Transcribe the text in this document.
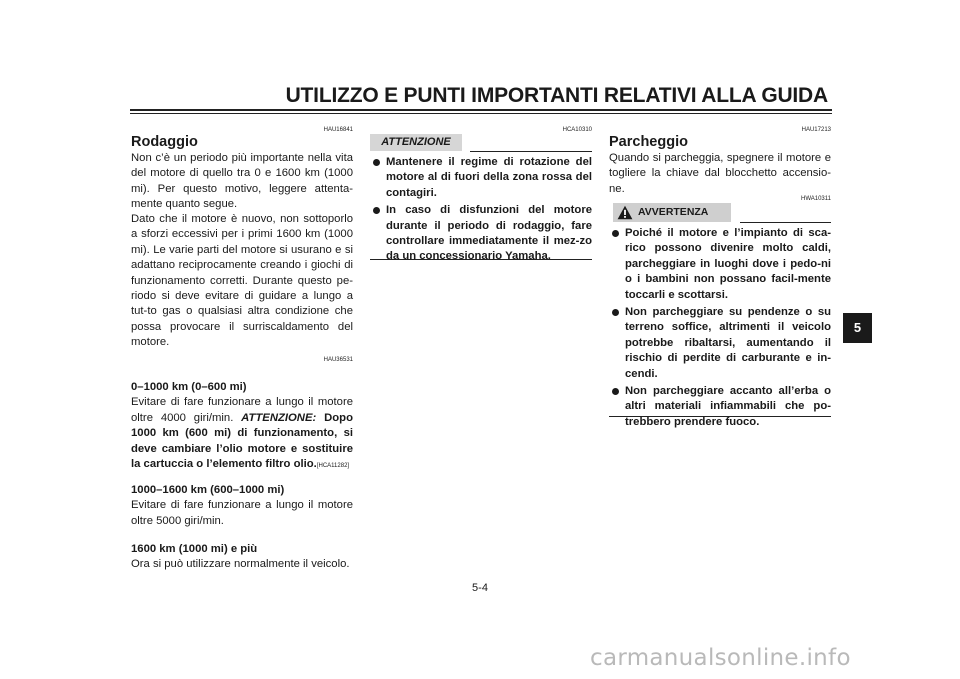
UTILIZZO E PUNTI IMPORTANTI RELATIVI ALLA GUIDA
HAU16841
Rodaggio
Non c’è un periodo più importante nella vita del motore di quello tra 0 e 1600 km (1000 mi). Per questo motivo, leggere attenta-mente quanto segue.
Dato che il motore è nuovo, non sottoporlo a sforzi eccessivi per i primi 1600 km (1000 mi). Le varie parti del motore si usurano e si adattano reciprocamente creando i giochi di funzionamento corretti. Durante questo pe-riodo si deve evitare di guidare a lungo a tut-to gas o qualsiasi altra condizione che possa provocare il surriscaldamento del motore.
HAU36531
0–1000 km (0–600 mi)
Evitare di fare funzionare a lungo il motore oltre 4000 giri/min. ATTENZIONE: Dopo 1000 km (600 mi) di funzionamento, si deve cambiare l’olio motore e sostituire la cartuccia o l’elemento filtro olio.[HCA11282]
1000–1600 km (600–1000 mi)
Evitare di fare funzionare a lungo il motore oltre 5000 giri/min.
1600 km (1000 mi) e più
Ora si può utilizzare normalmente il veicolo.
HCA10310
ATTENZIONE
Mantenere il regime di rotazione del motore al di fuori della zona rossa del contagiri.
In caso di disfunzioni del motore durante il periodo di rodaggio, fare controllare immediatamente il mez-zo da un concessionario Yamaha.
HAU17213
Parcheggio
Quando si parcheggia, spegnere il motore e togliere la chiave dal blocchetto accensio-ne.
HWA10311
AVVERTENZA
Poiché il motore e l’impianto di sca-rico possono divenire molto caldi, parcheggiare in luoghi dove i pedo-ni o i bambini non possano facil-mente toccarli e scottarsi.
Non parcheggiare su pendenze o su terreno soffice, altrimenti il veicolo potrebbe ribaltarsi, aumentando il rischio di perdite di carburante e in-cendi.
Non parcheggiare accanto all’erba o altri materiali infiammabili che po-trebbero prendere fuoco.
5
5-4
carmanualsonline.info
